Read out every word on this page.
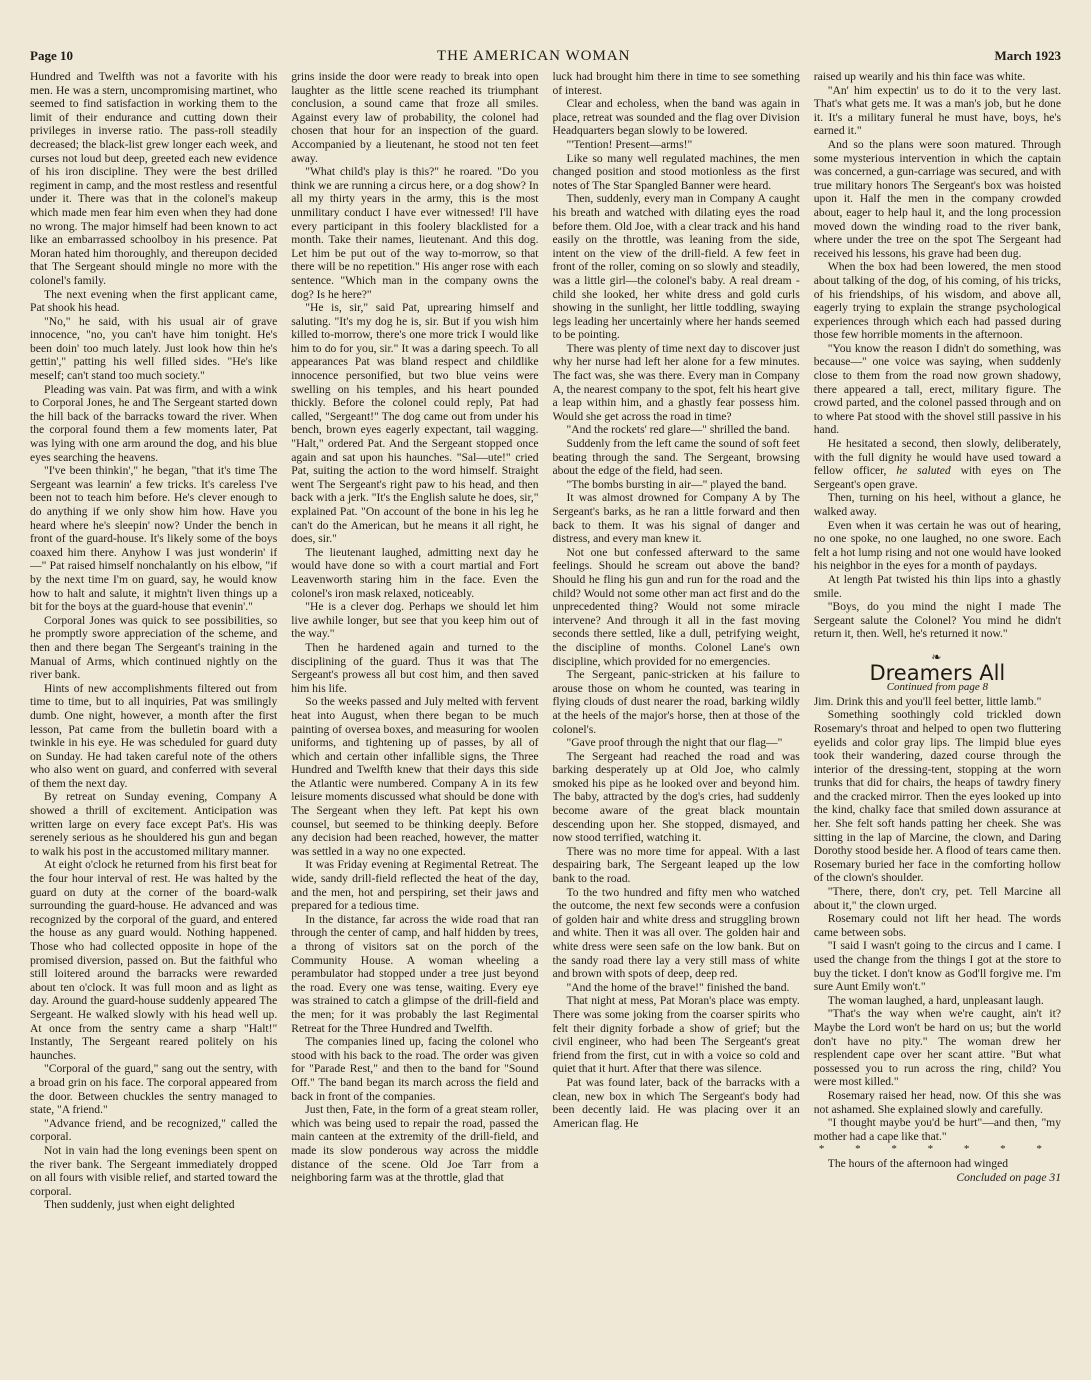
Page 10	THE AMERICAN WOMAN	March 1923

Hundred and Twelfth was not a favorite with his men. He was a stern, uncompromising martinet, who seemed to find satisfaction in working them to the limit of their endurance and cutting down their privileges in inverse ratio. The pass-roll steadily decreased; the black-list grew longer each week, and curses not loud but deep, greeted each new evidence of his iron discipline. They were the best drilled regiment in camp, and the most restless and resentful under it. There was that in the colonel's makeup which made men fear him even when they had done no wrong. The major himself had been known to act like an embarrassed schoolboy in his presence. Pat Moran hated him thoroughly, and thereupon decided that The Sergeant should mingle no more with the colonel's family.

The next evening when the first applicant came, Pat shook his head.

"No," he said, with his usual air of grave innocence, "no, you can't have him tonight. He's been doin' too much lately. Just look how thin he's gettin'," patting his well filled sides. "He's like meself; can't stand too much society."

Pleading was vain. Pat was firm, and with a wink to Corporal Jones, he and The Sergeant started down the hill back of the barracks toward the river. When the corporal found them a few moments later, Pat was lying with one arm around the dog, and his blue eyes searching the heavens.

"I've been thinkin'," he began, "that it's time The Sergeant was learnin' a few tricks. It's careless I've been not to teach him before. He's clever enough to do anything if we only show him how. Have you heard where he's sleepin' now? Under the bench in front of the guard-house. It's likely some of the boys coaxed him there. Anyhow I was just wonderin' if—" Pat raised himself nonchalantly on his elbow, "if by the next time I'm on guard, say, he would know how to halt and salute, it mightn't liven things up a bit for the boys at the guard-house that evenin'."

Corporal Jones was quick to see possibilities, so he promptly swore appreciation of the scheme, and then and there began The Sergeant's training in the Manual of Arms, which continued nightly on the river bank.

Hints of new accomplishments filtered out from time to time, but to all inquiries, Pat was smilingly dumb. One night, however, a month after the first lesson, Pat came from the bulletin board with a twinkle in his eye. He was scheduled for guard duty on Sunday. He had taken careful note of the others who also went on guard, and conferred with several of them the next day.

By retreat on Sunday evening, Company A showed a thrill of excitement. Anticipation was written large on every face except Pat's. His was serenely serious as he shouldered his gun and began to walk his post in the accustomed military manner.

At eight o'clock he returned from his first beat for the four hour interval of rest. He was halted by the guard on duty at the corner of the board-walk surrounding the guard-house. He advanced and was recognized by the corporal of the guard, and entered the house as any guard would. Nothing happened. Those who had collected opposite in hope of the promised diversion, passed on. But the faithful who still loitered around the barracks were rewarded about ten o'clock. It was full moon and as light as day. Around the guard-house suddenly appeared The Sergeant. He walked slowly with his head well up. At once from the sentry came a sharp "Halt!" Instantly, The Sergeant reared politely on his haunches.

"Corporal of the guard," sang out the sentry, with a broad grin on his face. The corporal appeared from the door. Between chuckles the sentry managed to state, "A friend."

"Advance friend, and be recognized," called the corporal.

Not in vain had the long evenings been spent on the river bank. The Sergeant immediately dropped on all fours with visible relief, and started toward the corporal.

Then suddenly, just when eight delighted

grins inside the door were ready to break into open laughter as the little scene reached its triumphant conclusion, a sound came that froze all smiles. Against every law of probability, the colonel had chosen that hour for an inspection of the guard. Accompanied by a lieutenant, he stood not ten feet away.

"What child's play is this?" he roared. "Do you think we are running a circus here, or a dog show? In all my thirty years in the army, this is the most unmilitary conduct I have ever witnessed! I'll have every participant in this foolery blacklisted for a month. Take their names, lieutenant. And this dog. Let him be put out of the way to-morrow, so that there will be no repetition." His anger rose with each sentence. "Which man in the company owns the dog? Is he here?"

"He is, sir," said Pat, uprearing himself and saluting. "It's my dog he is, sir. But if you wish him killed to-morrow, there's one more trick I would like him to do for you, sir." It was a daring speech. To all appearances Pat was bland respect and childlike innocence personified, but two blue veins were swelling on his temples, and his heart pounded thickly. Before the colonel could reply, Pat had called, "Sergeant!" The dog came out from under his bench, brown eyes eagerly expectant, tail wagging. "Halt," ordered Pat. And the Sergeant stopped once again and sat upon his haunches. "Sal—ute!" cried Pat, suiting the action to the word himself. Straight went The Sergeant's right paw to his head, and then back with a jerk. "It's the English salute he does, sir," explained Pat. "On account of the bone in his leg he can't do the American, but he means it all right, he does, sir."

The lieutenant laughed, admitting next day he would have done so with a court martial and Fort Leavenworth staring him in the face. Even the colonel's iron mask relaxed, noticeably.

"He is a clever dog. Perhaps we should let him live awhile longer, but see that you keep him out of the way."

Then he hardened again and turned to the disciplining of the guard. Thus it was that The Sergeant's prowess all but cost him, and then saved him his life.

So the weeks passed and July melted with fervent heat into August, when there began to be much painting of oversea boxes, and measuring for woolen uniforms, and tightening up of passes, by all of which and certain other infallible signs, the Three Hundred and Twelfth knew that their days this side the Atlantic were numbered. Company A in its few leisure moments discussed what should be done with The Sergeant when they left. Pat kept his own counsel, but seemed to be thinking deeply. Before any decision had been reached, however, the matter was settled in a way no one expected.

It was Friday evening at Regimental Retreat. The wide, sandy drill-field reflected the heat of the day, and the men, hot and perspiring, set their jaws and prepared for a tedious time.

In the distance, far across the wide road that ran through the center of camp, and half hidden by trees, a throng of visitors sat on the porch of the Community House. A woman wheeling a perambulator had stopped under a tree just beyond the road. Every one was tense, waiting. Every eye was strained to catch a glimpse of the drill-field and the men; for it was probably the last Regimental Retreat for the Three Hundred and Twelfth.

The companies lined up, facing the colonel who stood with his back to the road. The order was given for "Parade Rest," and then to the band for "Sound Off." The band began its march across the field and back in front of the companies.

Just then, Fate, in the form of a great steam roller, which was being used to repair the road, passed the main canteen at the extremity of the drill-field, and made its slow ponderous way across the middle distance of the scene. Old Joe Tarr from a neighboring farm was at the throttle, glad that

luck had brought him there in time to see something of interest.

Clear and echoless, when the band was again in place, retreat was sounded and the flag over Division Headquarters began slowly to be lowered.

"'Tention! Present—arms!"

Like so many well regulated machines, the men changed position and stood motionless as the first notes of The Star Spangled Banner were heard.

Then, suddenly, every man in Company A caught his breath and watched with dilating eyes the road before them. Old Joe, with a clear track and his hand easily on the throttle, was leaning from the side, intent on the view of the drill-field. A few feet in front of the roller, coming on so slowly and steadily, was a little girl—the colonel's baby. A real dream - child she looked, her white dress and gold curls showing in the sunlight, her little toddling, swaying legs leading her uncertainly where her hands seemed to be pointing.

There was plenty of time next day to discover just why her nurse had left her alone for a few minutes. The fact was, she was there. Every man in Company A, the nearest company to the spot, felt his heart give a leap within him, and a ghastly fear possess him. Would she get across the road in time?

"And the rockets' red glare—" shrilled the band.

Suddenly from the left came the sound of soft feet beating through the sand. The Sergeant, browsing about the edge of the field, had seen.

"The bombs bursting in air—" played the band.

It was almost drowned for Company A by The Sergeant's barks, as he ran a little forward and then back to them. It was his signal of danger and distress, and every man knew it.

Not one but confessed afterward to the same feelings. Should he scream out above the band? Should he fling his gun and run for the road and the child? Would not some other man act first and do the unprecedented thing? Would not some miracle intervene? And through it all in the fast moving seconds there settled, like a dull, petrifying weight, the discipline of months. Colonel Lane's own discipline, which provided for no emergencies.

The Sergeant, panic-stricken at his failure to arouse those on whom he counted, was tearing in flying clouds of dust nearer the road, barking wildly at the heels of the major's horse, then at those of the colonel's.

"Gave proof through the night that our flag—"

The Sergeant had reached the road and was barking desperately up at Old Joe, who calmly smoked his pipe as he looked over and beyond him. The baby, attracted by the dog's cries, had suddenly become aware of the great black mountain descending upon her. She stopped, dismayed, and now stood terrified, watching it.

There was no more time for appeal. With a last despairing bark, The Sergeant leaped up the low bank to the road.

To the two hundred and fifty men who watched the outcome, the next few seconds were a confusion of golden hair and white dress and struggling brown and white. Then it was all over. The golden hair and white dress were seen safe on the low bank. But on the sandy road there lay a very still mass of white and brown with spots of deep, deep red.

"And the home of the brave!" finished the band.

That night at mess, Pat Moran's place was empty. There was some joking from the coarser spirits who felt their dignity forbade a show of grief; but the civil engineer, who had been The Sergeant's great friend from the first, cut in with a voice so cold and quiet that it hurt. After that there was silence.

Pat was found later, back of the barracks with a clean, new box in which The Sergeant's body had been decently laid. He was placing over it an American flag. He

raised up wearily and his thin face was white.

"An' him expectin' us to do it to the very last. That's what gets me. It was a man's job, but he done it. It's a military funeral he must have, boys, he's earned it."

And so the plans were soon matured. Through some mysterious intervention in which the captain was concerned, a gun-carriage was secured, and with true military honors The Sergeant's box was hoisted upon it. Half the men in the company crowded about, eager to help haul it, and the long procession moved down the winding road to the river bank, where under the tree on the spot The Sergeant had received his lessons, his grave had been dug.

When the box had been lowered, the men stood about talking of the dog, of his coming, of his tricks, of his friendships, of his wisdom, and above all, eagerly trying to explain the strange psychological experiences through which each had passed during those few horrible moments in the afternoon.

"You know the reason I didn't do something, was because—" one voice was saying, when suddenly close to them from the road now grown shadowy, there appeared a tall, erect, military figure. The crowd parted, and the colonel passed through and on to where Pat stood with the shovel still passive in his hand.

He hesitated a second, then slowly, deliberately, with the full dignity he would have used toward a fellow officer, he saluted with eyes on The Sergeant's open grave.

Then, turning on his heel, without a glance, he walked away.

Even when it was certain he was out of hearing, no one spoke, no one laughed, no one swore. Each felt a hot lump rising and not one would have looked his neighbor in the eyes for a month of paydays.

At length Pat twisted his thin lips into a ghastly smile.

"Boys, do you mind the night I made The Sergeant salute the Colonel? You mind he didn't return it, then. Well, he's returned it now."

❧
Dreamers All
Continued from page 8

Jim. Drink this and you'll feel better, little lamb."

Something soothingly cold trickled down Rosemary's throat and helped to open two fluttering eyelids and color gray lips. The limpid blue eyes took their wandering, dazed course through the interior of the dressing-tent, stopping at the worn trunks that did for chairs, the heaps of tawdry finery and the cracked mirror. Then the eyes looked up into the kind, chalky face that smiled down assurance at her. She felt soft hands patting her cheek. She was sitting in the lap of Marcine, the clown, and Daring Dorothy stood beside her. A flood of tears came then. Rosemary buried her face in the comforting hollow of the clown's shoulder.

"There, there, don't cry, pet. Tell Marcine all about it," the clown urged.

Rosemary could not lift her head. The words came between sobs.

"I said I wasn't going to the circus and I came. I used the change from the things I got at the store to buy the ticket. I don't know as God'll forgive me. I'm sure Aunt Emily won't."

The woman laughed, a hard, unpleasant laugh.

"That's the way when we're caught, ain't it? Maybe the Lord won't be hard on us; but the world don't have no pity." The woman drew her resplendent cape over her scant attire. "But what possessed you to run across the ring, child? You were most killed."

Rosemary raised her head, now. Of this she was not ashamed. She explained slowly and carefully.

"I thought maybe you'd be hurt"—and then, "my mother had a cape like that."

* * * * * * *

The hours of the afternoon had winged

Concluded on page 31
